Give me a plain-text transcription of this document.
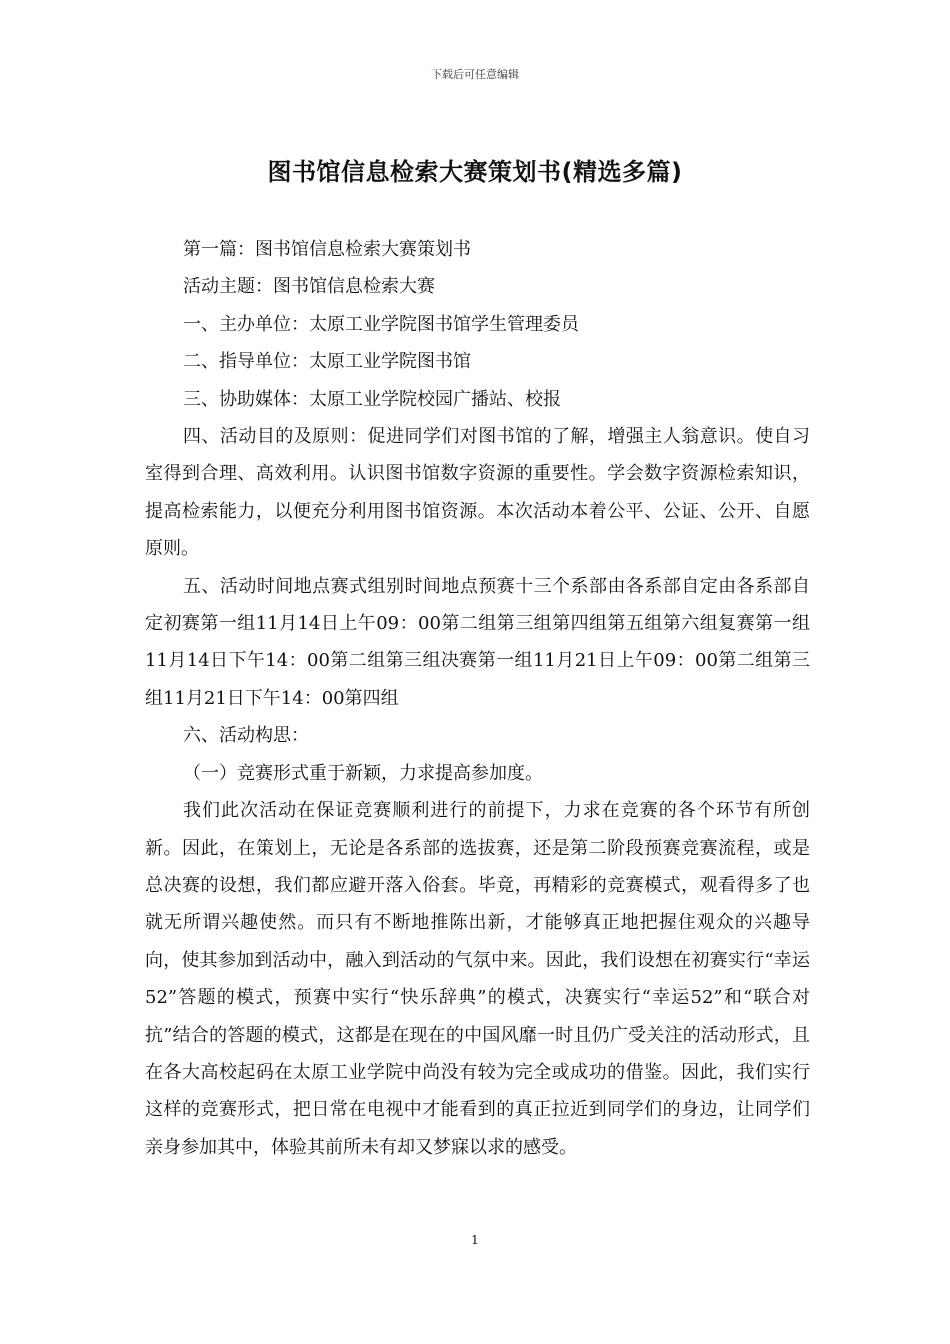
下载后可任意编辑
图书馆信息检索大赛策划书(精选多篇)

第一篇：图书馆信息检索大赛策划书

活动主题：图书馆信息检索大赛

一、主办单位：太原工业学院图书馆学生管理委员

二、指导单位：太原工业学院图书馆

三、协助媒体：太原工业学院校园广播站、校报

四、活动目的及原则：促进同学们对图书馆的了解，增强主人翁意识。使自习室得到合理、高效利用。认识图书馆数字资源的重要性。学会数字资源检索知识，提高检索能力，以便充分利用图书馆资源。本次活动本着公平、公证、公开、自愿原则。

五、活动时间地点赛式组别时间地点预赛十三个系部由各系部自定由各系部自定初赛第一组11月14日上午09：00第二组第三组第四组第五组第六组复赛第一组11月14日下午14：00第二组第三组决赛第一组11月21日上午09：00第二组第三组11月21日下午14：00第四组

六、活动构思：

（一）竞赛形式重于新颖，力求提高参加度。

我们此次活动在保证竞赛顺利进行的前提下，力求在竞赛的各个环节有所创新。因此，在策划上，无论是各系部的选拔赛，还是第二阶段预赛竞赛流程，或是总决赛的设想，我们都应避开落入俗套。毕竟，再精彩的竞赛模式，观看得多了也就无所谓兴趣使然。而只有不断地推陈出新，才能够真正地把握住观众的兴趣导向，使其参加到活动中，融入到活动的气氛中来。因此，我们设想在初赛实行“幸运52”答题的模式，预赛中实行“快乐辞典”的模式，决赛实行“幸运52”和“联合对抗”结合的答题的模式，这都是在现在的中国风靡一时且仍广受关注的活动形式，且在各大高校起码在太原工业学院中尚没有较为完全或成功的借鉴。因此，我们实行这样的竞赛形式，把日常在电视中才能看到的真正拉近到同学们的身边，让同学们亲身参加其中，体验其前所未有却又梦寐以求的感受。

1
